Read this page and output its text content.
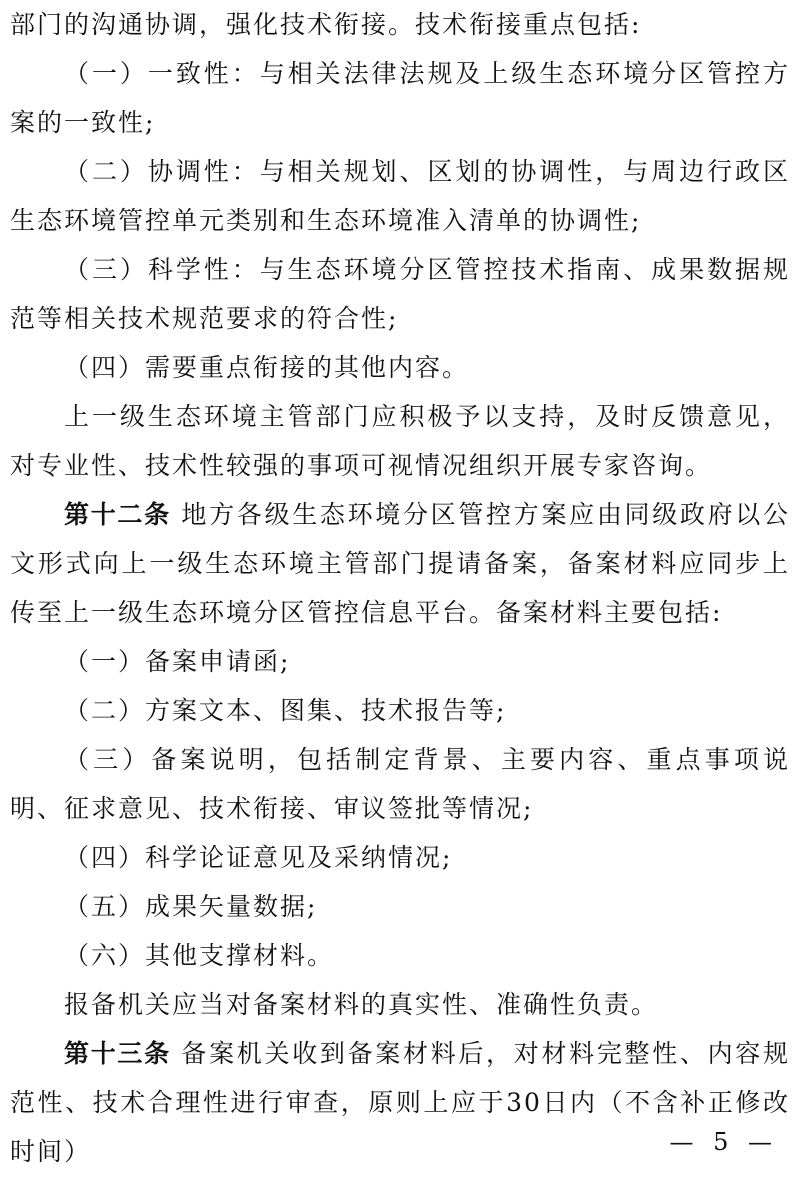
部门的沟通协调，强化技术衔接。技术衔接重点包括:

（一）一致性：与相关法律法规及上级生态环境分区管控方案的一致性;

（二）协调性：与相关规划、区划的协调性，与周边行政区生态环境管控单元类别和生态环境准入清单的协调性;

（三）科学性：与生态环境分区管控技术指南、成果数据规范等相关技术规范要求的符合性;

（四）需要重点衔接的其他内容。

上一级生态环境主管部门应积极予以支持，及时反馈意见，对专业性、技术性较强的事项可视情况组织开展专家咨询。

第十二条 地方各级生态环境分区管控方案应由同级政府以公文形式向上一级生态环境主管部门提请备案，备案材料应同步上传至上一级生态环境分区管控信息平台。备案材料主要包括:

（一）备案申请函;

（二）方案文本、图集、技术报告等;

（三）备案说明，包括制定背景、主要内容、重点事项说明、征求意见、技术衔接、审议签批等情况;

（四）科学论证意见及采纳情况;

（五）成果矢量数据;

（六）其他支撑材料。

报备机关应当对备案材料的真实性、准确性负责。

第十三条 备案机关收到备案材料后，对材料完整性、内容规范性、技术合理性进行审查，原则上应于30日内（不含补正修改时间）	— 5 —
